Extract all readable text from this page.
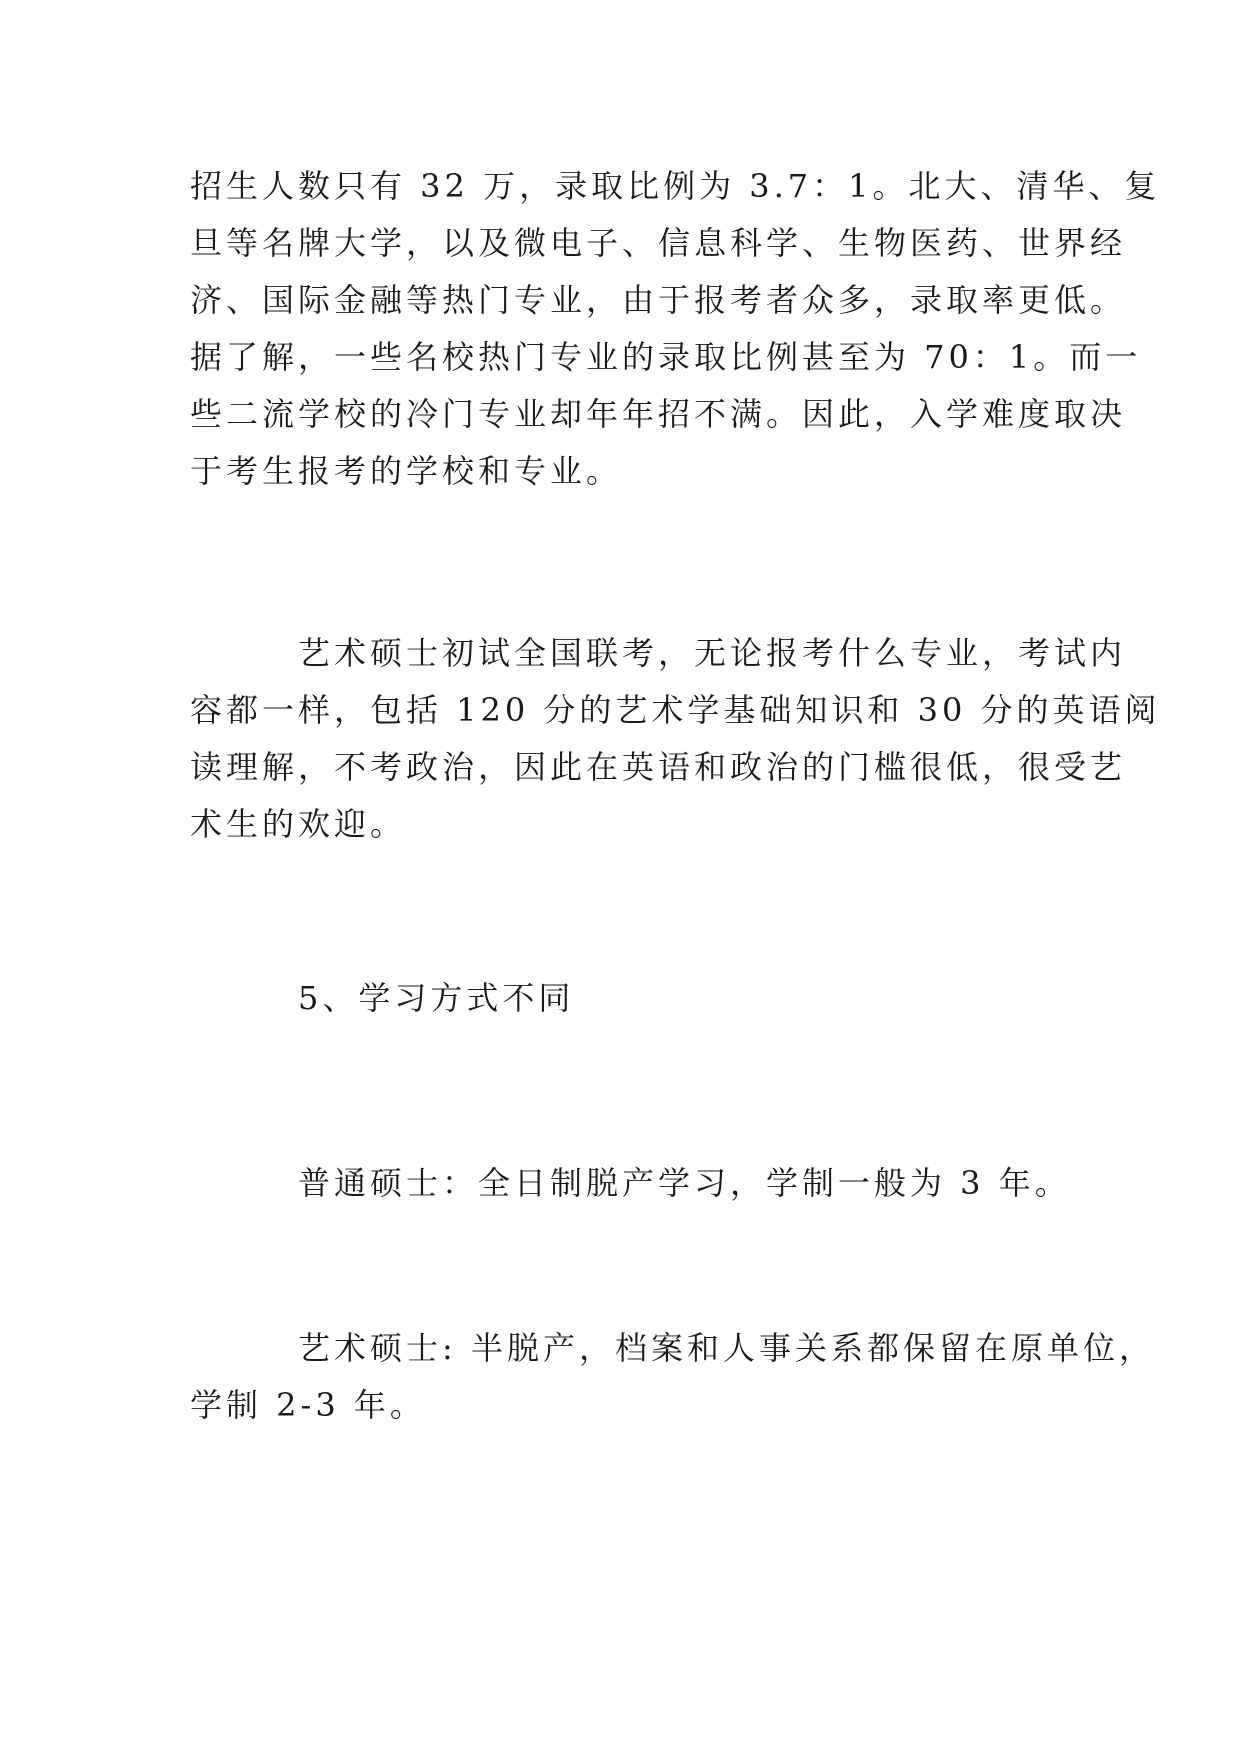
招生人数只有 32 万，录取比例为 3.7：1。北大、清华、复
旦等名牌大学，以及微电子、信息科学、生物医药、世界经
济、国际金融等热门专业，由于报考者众多，录取率更低。
据了解，一些名校热门专业的录取比例甚至为 70：1。而一
些二流学校的冷门专业却年年招不满。因此，入学难度取决
于考生报考的学校和专业。
艺术硕士初试全国联考，无论报考什么专业，考试内
容都一样，包括 120 分的艺术学基础知识和 30 分的英语阅
读理解，不考政治，因此在英语和政治的门槛很低，很受艺
术生的欢迎。
5、学习方式不同
普通硕士：全日制脱产学习，学制一般为 3 年。
艺术硕士: 半脱产，档案和人事关系都保留在原单位，
学制 2-3 年。
